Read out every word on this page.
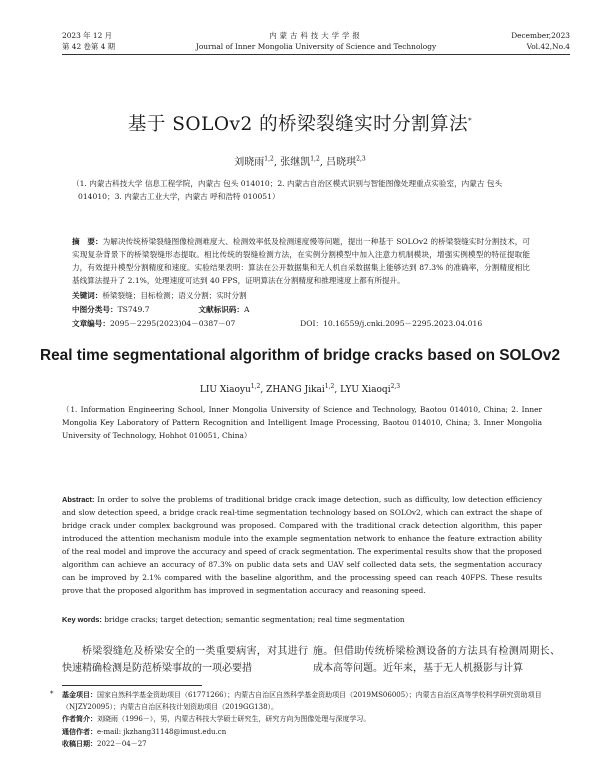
2023 年 12 月
第 42 卷第 4 期
内蒙古科技大学学报
Journal of Inner Mongolia University of Science and Technology
December,2023
Vol.42,No.4
基于 SOLOv2 的桥梁裂缝实时分割算法*
刘晓雨$^{1,2}$, 张继凯$^{1,2}$, 吕晓琪$^{2,3}$
（1. 内蒙古科技大学 信息工程学院，内蒙古 包头 014010；2. 内蒙古自治区模式识别与智能图像处理重点实验室，内蒙古 包头 014010；3. 内蒙古工业大学，内蒙古 呼和浩特 010051）
摘　要：为解决传统桥梁裂缝图像检测难度大、检测效率低及检测速度慢等问题，提出一种基于 SOLOv2 的桥梁裂缝实时分割技术，可实现复杂背景下的桥梁裂缝形态提取。相比传统的裂缝检测方法，在实例分割模型中加入注意力机制模块，增强实例模型的特征提取能力，有效提升模型分割精度和速度。实验结果表明：算法在公开数据集和无人机自采数据集上能够达到 87.3% 的准确率，分割精度相比基线算法提升了 2.1%，处理速度可达到 40 FPS，证明算法在分割精度和推理速度上都有所提升。
关键词：桥梁裂缝；目标检测；语义分割；实时分割
中图分类号：TS749.7	文献标识码：A
文章编号：2095－2295(2023)04－0387－07	DOI：10.16559/j.cnki.2095－2295.2023.04.016
Real time segmentational algorithm of bridge cracks based on SOLOv2
LIU Xiaoyu$^{1,2}$, ZHANG Jikai$^{1,2}$, LYU Xiaoqi$^{2,3}$
（1. Information Engineering School, Inner Mongolia University of Science and Technology, Baotou 014010, China; 2. Inner Mongolia Key Laboratory of Pattern Recognition and Intelligent Image Processing, Baotou 014010, China; 3. Inner Mongolia University of Technology, Hohhot 010051, China）
Abstract: In order to solve the problems of traditional bridge crack image detection, such as difficulty, low detection efficiency and slow detection speed, a bridge crack real-time segmentation technology based on SOLOv2, which can extract the shape of bridge crack under complex background was proposed. Compared with the traditional crack detection algorithm, this paper introduced the attention mechanism module into the example segmentation network to enhance the feature extraction ability of the real model and improve the accuracy and speed of crack segmentation. The experimental results show that the proposed algorithm can achieve an accuracy of 87.3% on public data sets and UAV self collected data sets, the segmentation accuracy can be improved by 2.1% compared with the baseline algorithm, and the processing speed can reach 40FPS. These results prove that the proposed algorithm has improved in segmentation accuracy and reasoning speed.
Key words: bridge cracks; target detection; semantic segmentation; real time segmentation
桥梁裂缝危及桥梁安全的一类重要病害，对其进行快速精确检测是防范桥梁事故的一项必要措
施。但借助传统桥梁检测设备的方法具有检测周期长、成本高等问题。近年来，基于无人机摄影与计算
* 基金项目：国家自然科学基金资助项目（61771266）；内蒙古自治区自然科学基金资助项目（2019MS06005）；内蒙古自治区高等学校科学研究资助项目（NJZY20095）；内蒙古自治区科技计划资助项目（2019GG138）。
作者简介：刘晓雨（1996－），男，内蒙古科技大学硕士研究生，研究方向为图像处理与深度学习。
通信作者：e-mail: jkzhang31148@imust.edu.cn
收稿日期：2022－04－27
